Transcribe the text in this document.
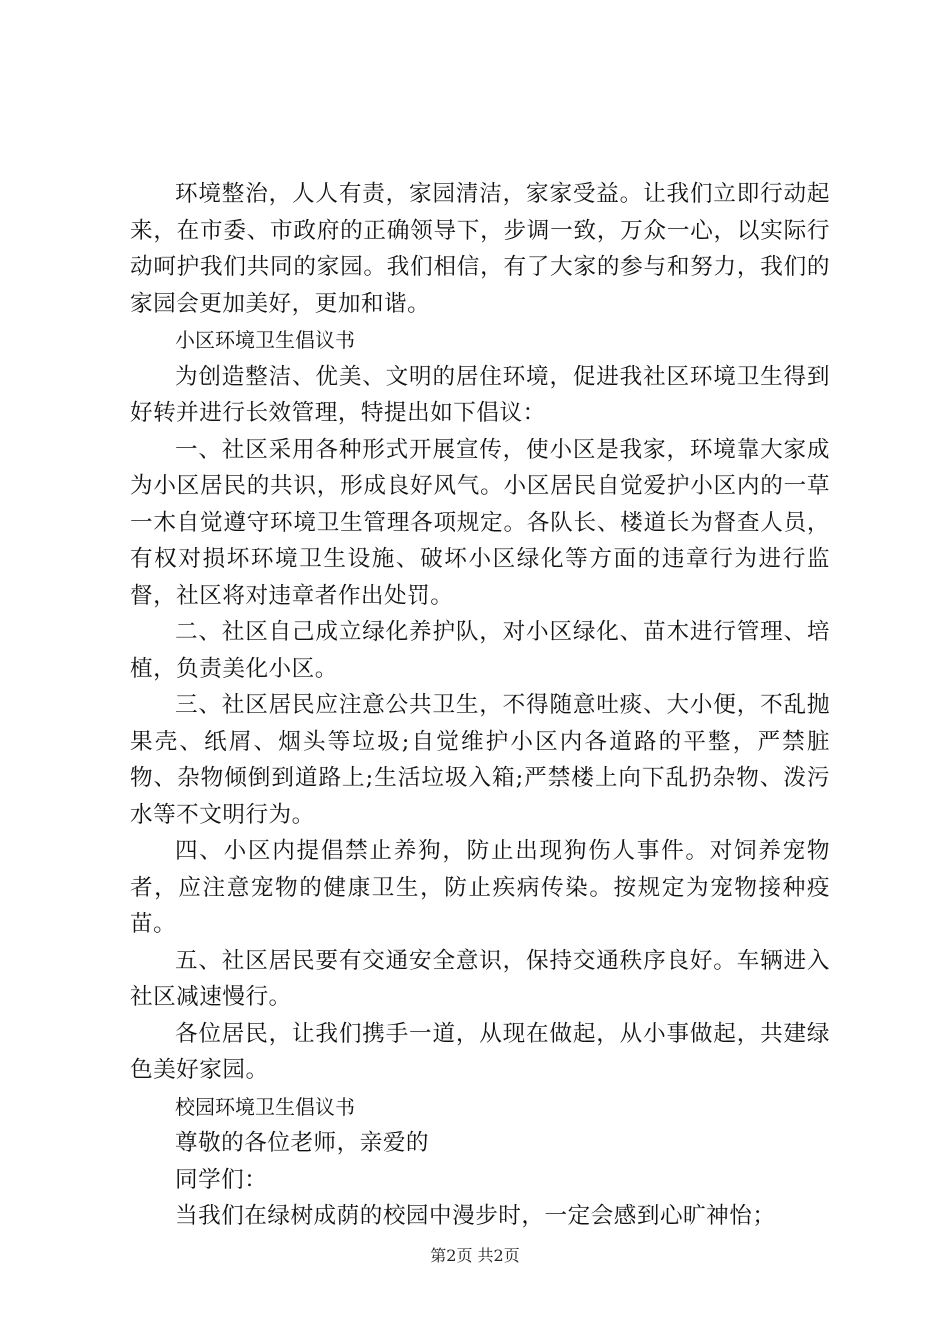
环境整治，人人有责，家园清洁，家家受益。让我们立即行动起来，在市委、市政府的正确领导下，步调一致，万众一心，以实际行动呵护我们共同的家园。我们相信，有了大家的参与和努力，我们的家园会更加美好，更加和谐。

小区环境卫生倡议书

为创造整洁、优美、文明的居住环境，促进我社区环境卫生得到好转并进行长效管理，特提出如下倡议：

一、社区采用各种形式开展宣传，使小区是我家，环境靠大家成为小区居民的共识，形成良好风气。小区居民自觉爱护小区内的一草一木自觉遵守环境卫生管理各项规定。各队长、楼道长为督查人员，有权对损坏环境卫生设施、破坏小区绿化等方面的违章行为进行监督，社区将对违章者作出处罚。

二、社区自己成立绿化养护队，对小区绿化、苗木进行管理、培植，负责美化小区。

三、社区居民应注意公共卫生，不得随意吐痰、大小便，不乱抛果壳、纸屑、烟头等垃圾;自觉维护小区内各道路的平整，严禁脏物、杂物倾倒到道路上;生活垃圾入箱;严禁楼上向下乱扔杂物、泼污水等不文明行为。

四、小区内提倡禁止养狗，防止出现狗伤人事件。对饲养宠物者，应注意宠物的健康卫生，防止疾病传染。按规定为宠物接种疫苗。

五、社区居民要有交通安全意识，保持交通秩序良好。车辆进入社区减速慢行。

各位居民，让我们携手一道，从现在做起，从小事做起，共建绿色美好家园。

校园环境卫生倡议书

尊敬的各位老师，亲爱的

同学们：

当我们在绿树成荫的校园中漫步时，一定会感到心旷神怡；

第2页 共2页
